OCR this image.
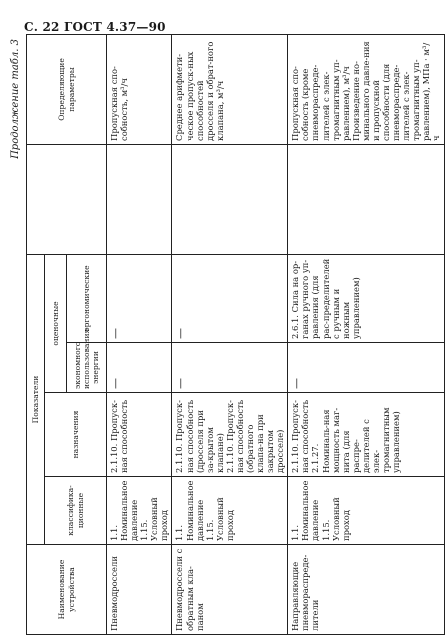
С. 22 ГОСТ 4.37—90
Продолжение табл. 3
Наименование устройства	Показатели					Определяющие параметры
	классифика-ционные	назначения	оценочные			
			экономного использования энергии	эргономические		
Пневмодроссели	1.1. Номинальное давление 1.15. Условный проход	2.1.10. Пропуск-ная способность	—	—		Пропускная спо-собность, м³/ч

Пневмодроссели с обратным кла-паном	1.1. Номинальное давление 1.15. Условный проход	2.1.10. Пропуск-ная способность (дросселя при за-крытом клапане) 2.1.10. Пропуск-ная способность (обратного клапа-на при закрытом дросселе)	—	—		Среднее арифмети-ческое пропуск-ных способностей дросселя и обрат-ного клапана, м³/ч

Направляющие пневмораспреде-лители	1.1. Номинальное давление 1.15. Условный проход	2.1.10. Пропуск-ная способность 2.1.27. Номиналь-ная мощность маг-нита (для распре-делителей с элек-тромагнитным управлением)	—	2.6.1. Сила на ор-ганах ручного уп-равления (для рас-пределителей с ручным и ножным управлением)		Пропускная спо-собность (кроме пневмораспреде-лителей с элек-тромагнитным уп-равлением), м³/ч Произведение но-минального давле-ния и пропускной способности (для пневмораспреде-лителей с элек-тромагнитным уп-равлением), МПа · м³/ч
